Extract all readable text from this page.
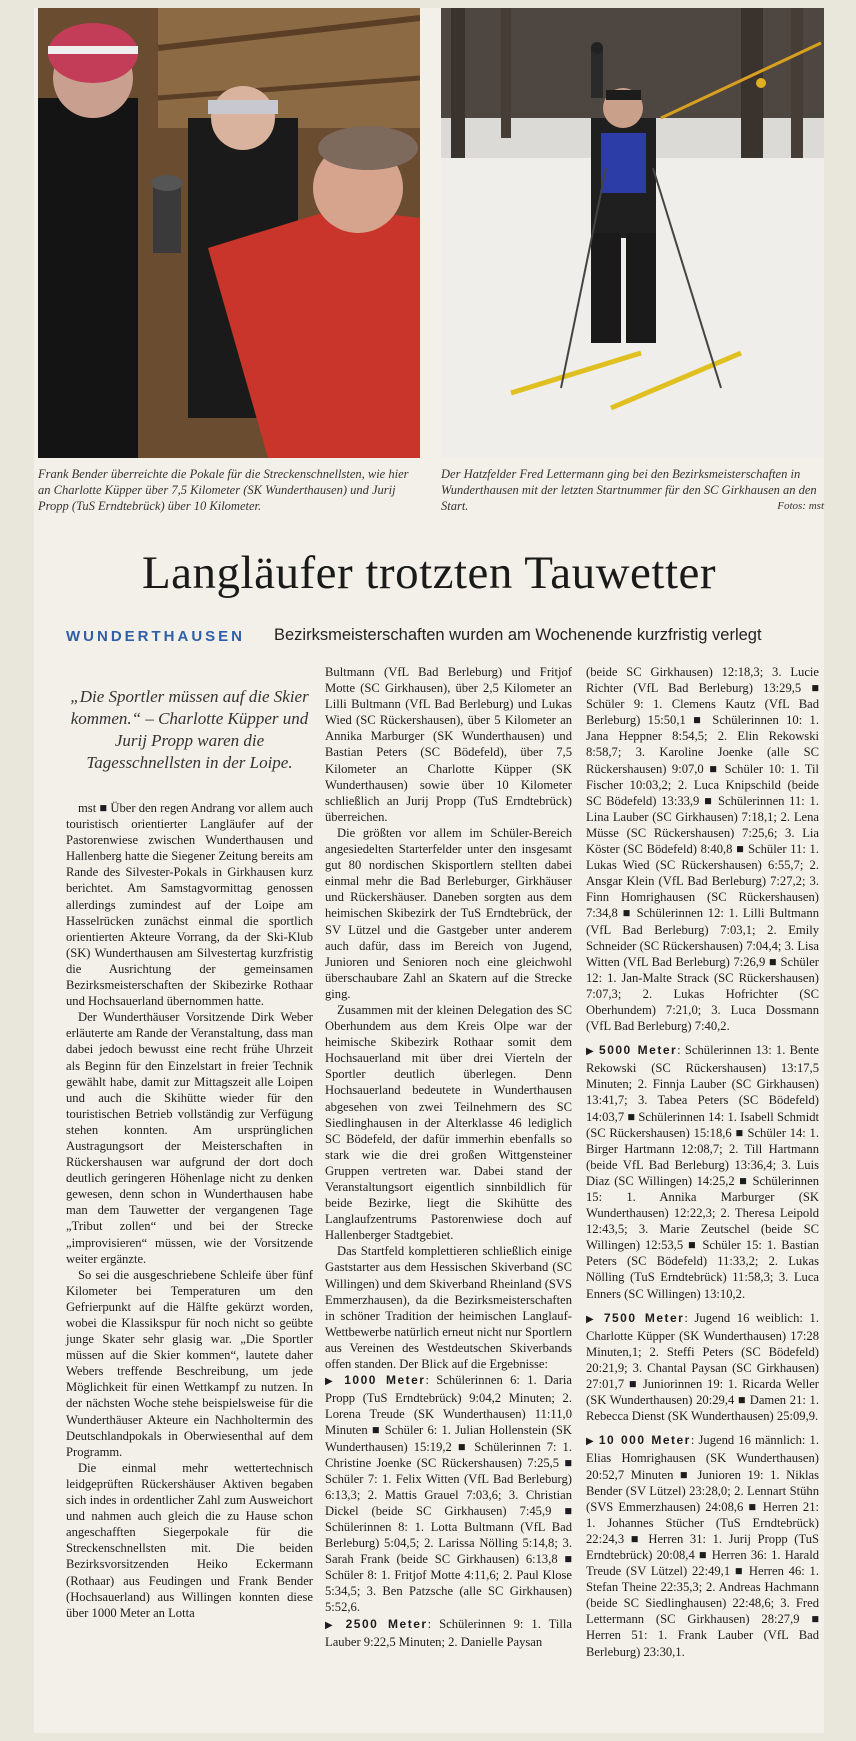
Frank Bender überreichte die Pokale für die Streckenschnellsten, wie hier an Charlotte Küpper über 7,5 Kilometer (SK Wunderthausen) und Jurij Propp (TuS Erndtebrück) über 10 Kilometer.
Der Hatzfelder Fred Lettermann ging bei den Bezirksmeisterschaften in Wunderthausen mit der letzten Startnummer für den SC Girkhausen an den Start.	Fotos: mst
Langläufer trotzten Tauwetter
WUNDERTHAUSEN Bezirksmeisterschaften wurden am Wochenende kurzfristig verlegt
„Die Sportler müssen auf die Skier kommen.“ – Charlotte Küpper und Jurij Propp waren die Tagesschnellsten in der Loipe.

mst ■ Über den regen Andrang vor allem auch touristisch orientierter Langläufer auf der Pastorenwiese zwischen Wunderthausen und Hallenberg hatte die Siegener Zeitung bereits am Rande des Silvester-Pokals in Girkhausen kurz berichtet. Am Samstagvormittag genossen allerdings zumindest auf der Loipe am Hasselrücken zunächst einmal die sportlich orientierten Akteure Vorrang, da der Ski-Klub (SK) Wunderthausen am Silvestertag kurzfristig die Ausrichtung der gemeinsamen Bezirksmeisterschaften der Skibezirke Rothaar und Hochsauerland übernommen hatte.

Der Wunderthäuser Vorsitzende Dirk Weber erläuterte am Rande der Veranstaltung, dass man dabei jedoch bewusst eine recht frühe Uhrzeit als Beginn für den Einzelstart in freier Technik gewählt habe, damit zur Mittagszeit alle Loipen und auch die Skihütte wieder für den touristischen Betrieb vollständig zur Verfügung stehen konnten. Am ursprünglichen Austragungsort der Meisterschaften in Rückershausen war aufgrund der dort doch deutlich geringeren Höhenlage nicht zu denken gewesen, denn schon in Wunderthausen habe man dem Tauwetter der vergangenen Tage „Tribut zollen“ und bei der Strecke „improvisieren“ müssen, wie der Vorsitzende weiter ergänzte.

So sei die ausgeschriebene Schleife über fünf Kilometer bei Temperaturen um den Gefrierpunkt auf die Hälfte gekürzt worden, wobei die Klassikspur für noch nicht so geübte junge Skater sehr glasig war. „Die Sportler müssen auf die Skier kommen“, lautete daher Webers treffende Beschreibung, um jede Möglichkeit für einen Wettkampf zu nutzen. In der nächsten Woche stehe beispielsweise für die Wunderthäuser Akteure ein Nachholtermin des Deutschlandpokals in Oberwiesenthal auf dem Programm.

Die einmal mehr wettertechnisch leidgeprüften Rückershäuser Aktiven begaben sich indes in ordentlicher Zahl zum Ausweichort und nahmen auch gleich die zu Hause schon angeschafften Siegerpokale für die Streckenschnellsten mit. Die beiden Bezirksvorsitzenden Heiko Eckermann (Rothaar) aus Feudingen und Frank Bender (Hochsauerland) aus Willingen konnten diese über 1000 Meter an Lotta

Bultmann (VfL Bad Berleburg) und Fritjof Motte (SC Girkhausen), über 2,5 Kilometer an Lilli Bultmann (VfL Bad Berleburg) und Lukas Wied (SC Rückershausen), über 5 Kilometer an Annika Marburger (SK Wunderthausen) und Bastian Peters (SC Bödefeld), über 7,5 Kilometer an Charlotte Küpper (SK Wunderthausen) sowie über 10 Kilometer schließlich an Jurij Propp (TuS Erndtebrück) überreichen.

Die größten vor allem im Schüler-Bereich angesiedelten Starterfelder unter den insgesamt gut 80 nordischen Skisportlern stellten dabei einmal mehr die Bad Berleburger, Girkhäuser und Rückershäuser. Daneben sorgten aus dem heimischen Skibezirk der TuS Erndtebrück, der SV Lützel und die Gastgeber unter anderem auch dafür, dass im Bereich von Jugend, Junioren und Senioren noch eine gleichwohl überschaubare Zahl an Skatern auf die Strecke ging.

Zusammen mit der kleinen Delegation des SC Oberhundem aus dem Kreis Olpe war der heimische Skibezirk Rothaar somit dem Hochsauerland mit über drei Vierteln der Sportler deutlich überlegen. Denn Hochsauerland bedeutete in Wunderthausen abgesehen von zwei Teilnehmern des SC Siedlinghausen in der Alterklasse 46 lediglich SC Bödefeld, der dafür immerhin ebenfalls so stark wie die drei großen Wittgensteiner Gruppen vertreten war. Dabei stand der Veranstaltungsort eigentlich sinnbildlich für beide Bezirke, liegt die Skihütte des Langlaufzentrums Pastorenwiese doch auf Hallenberger Stadtgebiet.

Das Startfeld komplettieren schließlich einige Gaststarter aus dem Hessischen Skiverband (SC Willingen) und dem Skiverband Rheinland (SVS Emmerzhausen), da die Bezirksmeisterschaften in schöner Tradition der heimischen Langlauf-Wettbewerbe natürlich erneut nicht nur Sportlern aus Vereinen des Westdeutschen Skiverbands offen standen. Der Blick auf die Ergebnisse:

▶ 1000 Meter: Schülerinnen 6: 1. Daria Propp (TuS Erndtebrück) 9:04,2 Minuten; 2. Lorena Treude (SK Wunderthausen) 11:11,0 Minuten ■ Schüler 6: 1. Julian Hollenstein (SK Wunderthausen) 15:19,2 ■ Schülerinnen 7: 1. Christine Joenke (SC Rückershausen) 7:25,5 ■ Schüler 7: 1. Felix Witten (VfL Bad Berleburg) 6:13,3; 2. Mattis Grauel 7:03,6; 3. Christian Dickel (beide SC Girkhausen) 7:45,9 ■ Schülerinnen 8: 1. Lotta Bultmann (VfL Bad Berleburg) 5:04,5; 2. Larissa Nölling 5:14,8; 3. Sarah Frank (beide SC Girkhausen) 6:13,8 ■ Schüler 8: 1. Fritjof Motte 4:11,6; 2. Paul Klose 5:34,5; 3. Ben Patzsche (alle SC Girkhausen) 5:52,6.

▶ 2500 Meter: Schülerinnen 9: 1. Tilla Lauber 9:22,5 Minuten; 2. Danielle Paysan

(beide SC Girkhausen) 12:18,3; 3. Lucie Richter (VfL Bad Berleburg) 13:29,5 ■ Schüler 9: 1. Clemens Kautz (VfL Bad Berleburg) 15:50,1 ■ Schülerinnen 10: 1. Jana Heppner 8:54,5; 2. Elin Rekowski 8:58,7; 3. Karoline Joenke (alle SC Rückershausen) 9:07,0 ■ Schüler 10: 1. Til Fischer 10:03,2; 2. Luca Knipschild (beide SC Bödefeld) 13:33,9 ■ Schülerinnen 11: 1. Lina Lauber (SC Girkhausen) 7:18,1; 2. Lena Müsse (SC Rückershausen) 7:25,6; 3. Lia Köster (SC Bödefeld) 8:40,8 ■ Schüler 11: 1. Lukas Wied (SC Rückershausen) 6:55,7; 2. Ansgar Klein (VfL Bad Berleburg) 7:27,2; 3. Finn Homrighausen (SC Rückershausen) 7:34,8 ■ Schülerinnen 12: 1. Lilli Bultmann (VfL Bad Berleburg) 7:03,1; 2. Emily Schneider (SC Rückershausen) 7:04,4; 3. Lisa Witten (VfL Bad Berleburg) 7:26,9 ■ Schüler 12: 1. Jan-Malte Strack (SC Rückershausen) 7:07,3; 2. Lukas Hofrichter (SC Oberhundem) 7:21,0; 3. Luca Dossmann (VfL Bad Berleburg) 7:40,2.

▶ 5000 Meter: Schülerinnen 13: 1. Bente Rekowski (SC Rückershausen) 13:17,5 Minuten; 2. Finnja Lauber (SC Girkhausen) 13:41,7; 3. Tabea Peters (SC Bödefeld) 14:03,7 ■ Schülerinnen 14: 1. Isabell Schmidt (SC Rückershausen) 15:18,6 ■ Schüler 14: 1. Birger Hartmann 12:08,7; 2. Till Hartmann (beide VfL Bad Berleburg) 13:36,4; 3. Luis Diaz (SC Willingen) 14:25,2 ■ Schülerinnen 15: 1. Annika Marburger (SK Wunderthausen) 12:22,3; 2. Theresa Leipold 12:43,5; 3. Marie Zeutschel (beide SC Willingen) 12:53,5 ■ Schüler 15: 1. Bastian Peters (SC Bödefeld) 11:33,2; 2. Lukas Nölling (TuS Erndtebrück) 11:58,3; 3. Luca Enners (SC Willingen) 13:10,2.

▶ 7500 Meter: Jugend 16 weiblich: 1. Charlotte Küpper (SK Wunderthausen) 17:28 Minuten,1; 2. Steffi Peters (SC Bödefeld) 20:21,9; 3. Chantal Paysan (SC Girkhausen) 27:01,7 ■ Juniorinnen 19: 1. Ricarda Weller (SK Wunderthausen) 20:29,4 ■ Damen 21: 1. Rebecca Dienst (SK Wunderthausen) 25:09,9.

▶ 10 000 Meter: Jugend 16 männlich: 1. Elias Homrighausen (SK Wunderthausen) 20:52,7 Minuten ■ Junioren 19: 1. Niklas Bender (SV Lützel) 23:28,0; 2. Lennart Stühn (SVS Emmerzhausen) 24:08,6 ■ Herren 21: 1. Johannes Stücher (TuS Erndtebrück) 22:24,3 ■ Herren 31: 1. Jurij Propp (TuS Erndtebrück) 20:08,4 ■ Herren 36: 1. Harald Treude (SV Lützel) 22:49,1 ■ Herren 46: 1. Stefan Theine 22:35,3; 2. Andreas Hachmann (beide SC Siedlinghausen) 22:48,6; 3. Fred Lettermann (SC Girkhausen) 28:27,9 ■ Herren 51: 1. Frank Lauber (VfL Bad Berleburg) 23:30,1.
